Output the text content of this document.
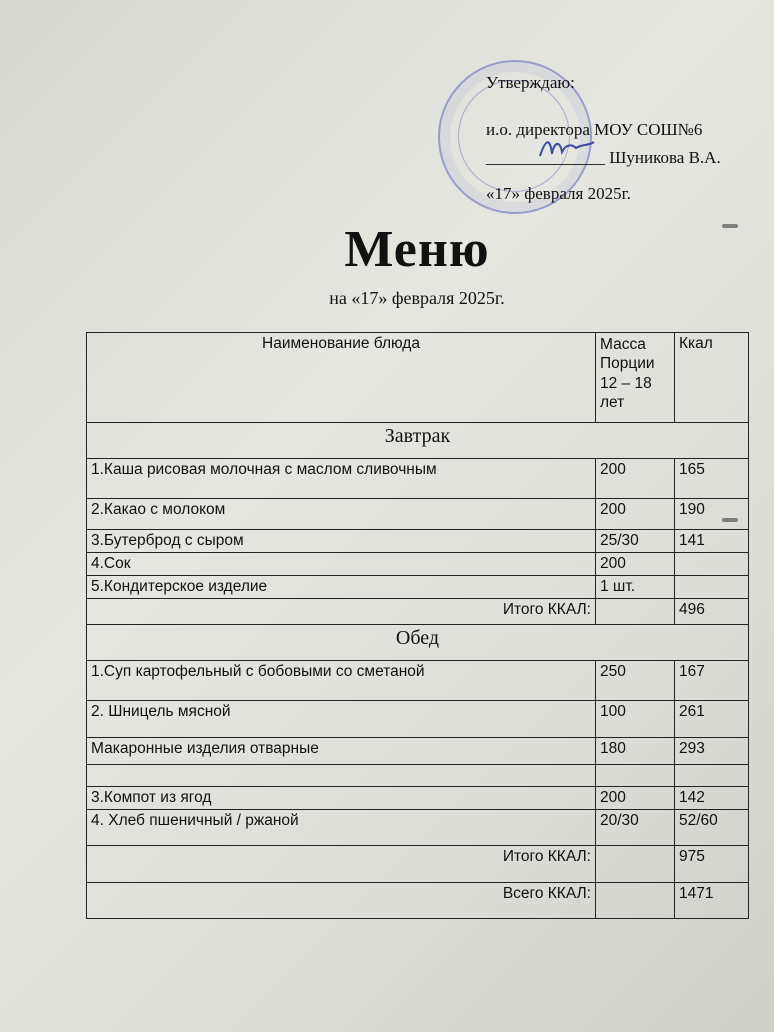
Утверждаю:
и.о. директора МОУ СОШ№6
______________ Шуникова В.А.
«17» февраля 2025г.
Меню
на «17» февраля 2025г.
Наименование блюда	Масса Порции 12 – 18 лет	Ккал
Завтрак		
1.Каша рисовая молочная с маслом сливочным	200	165
2.Какао с молоком	200	190
3.Бутерброд с сыром	25/30	141
4.Сок	200	
5.Кондитерское изделие	1 шт.	
Итого ККАЛ:		496
Обед		
1.Суп картофельный с бобовыми со сметаной	250	167
2. Шницель мясной	100	261
Макаронные изделия отварные	180	293

3.Компот из ягод	200	142
4. Хлеб пшеничный / ржаной	20/30	52/60
Итого ККАЛ:		975
Всего ККАЛ:		1471
